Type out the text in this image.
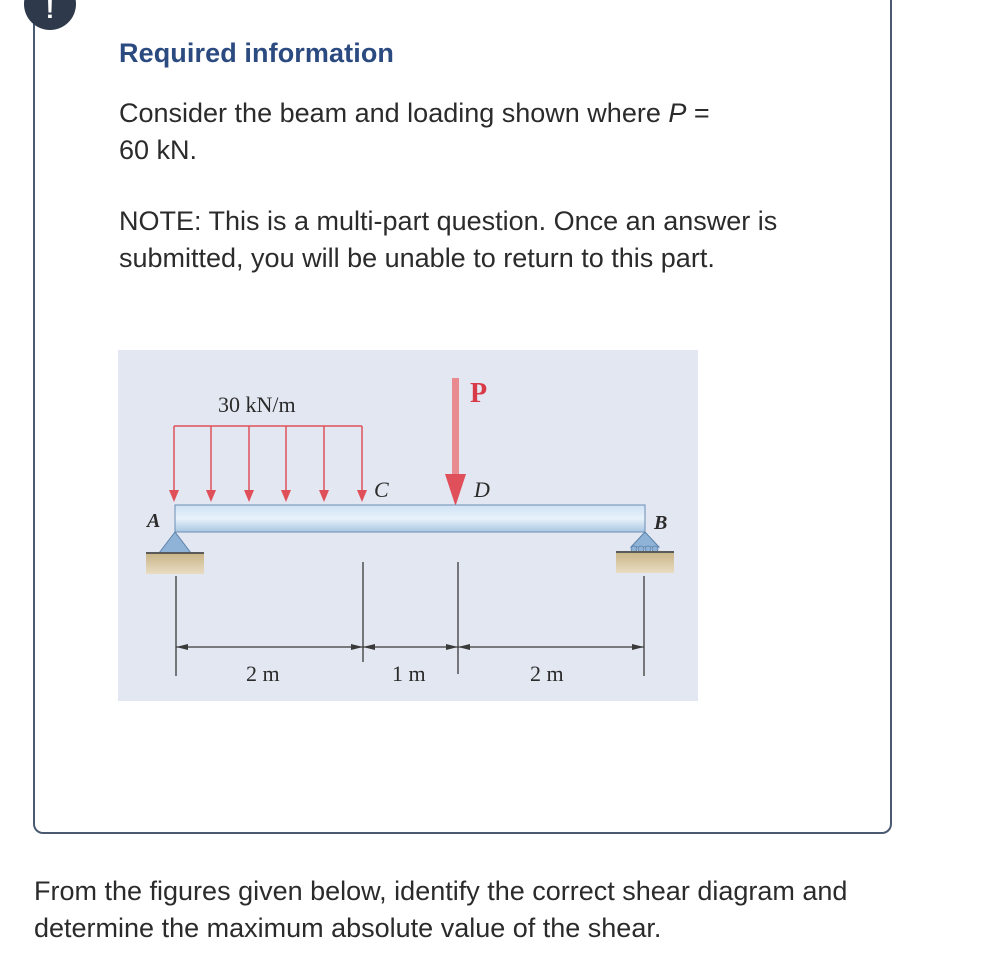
!
Required information
Consider the beam and loading shown where P =
60 kN.
NOTE: This is a multi-part question. Once an answer is submitted, you will be unable to return to this part.
30 kN/m	P
A	B
C	D
2 m	1 m	2 m
From the figures given below, identify the correct shear diagram and determine the maximum absolute value of the shear.
